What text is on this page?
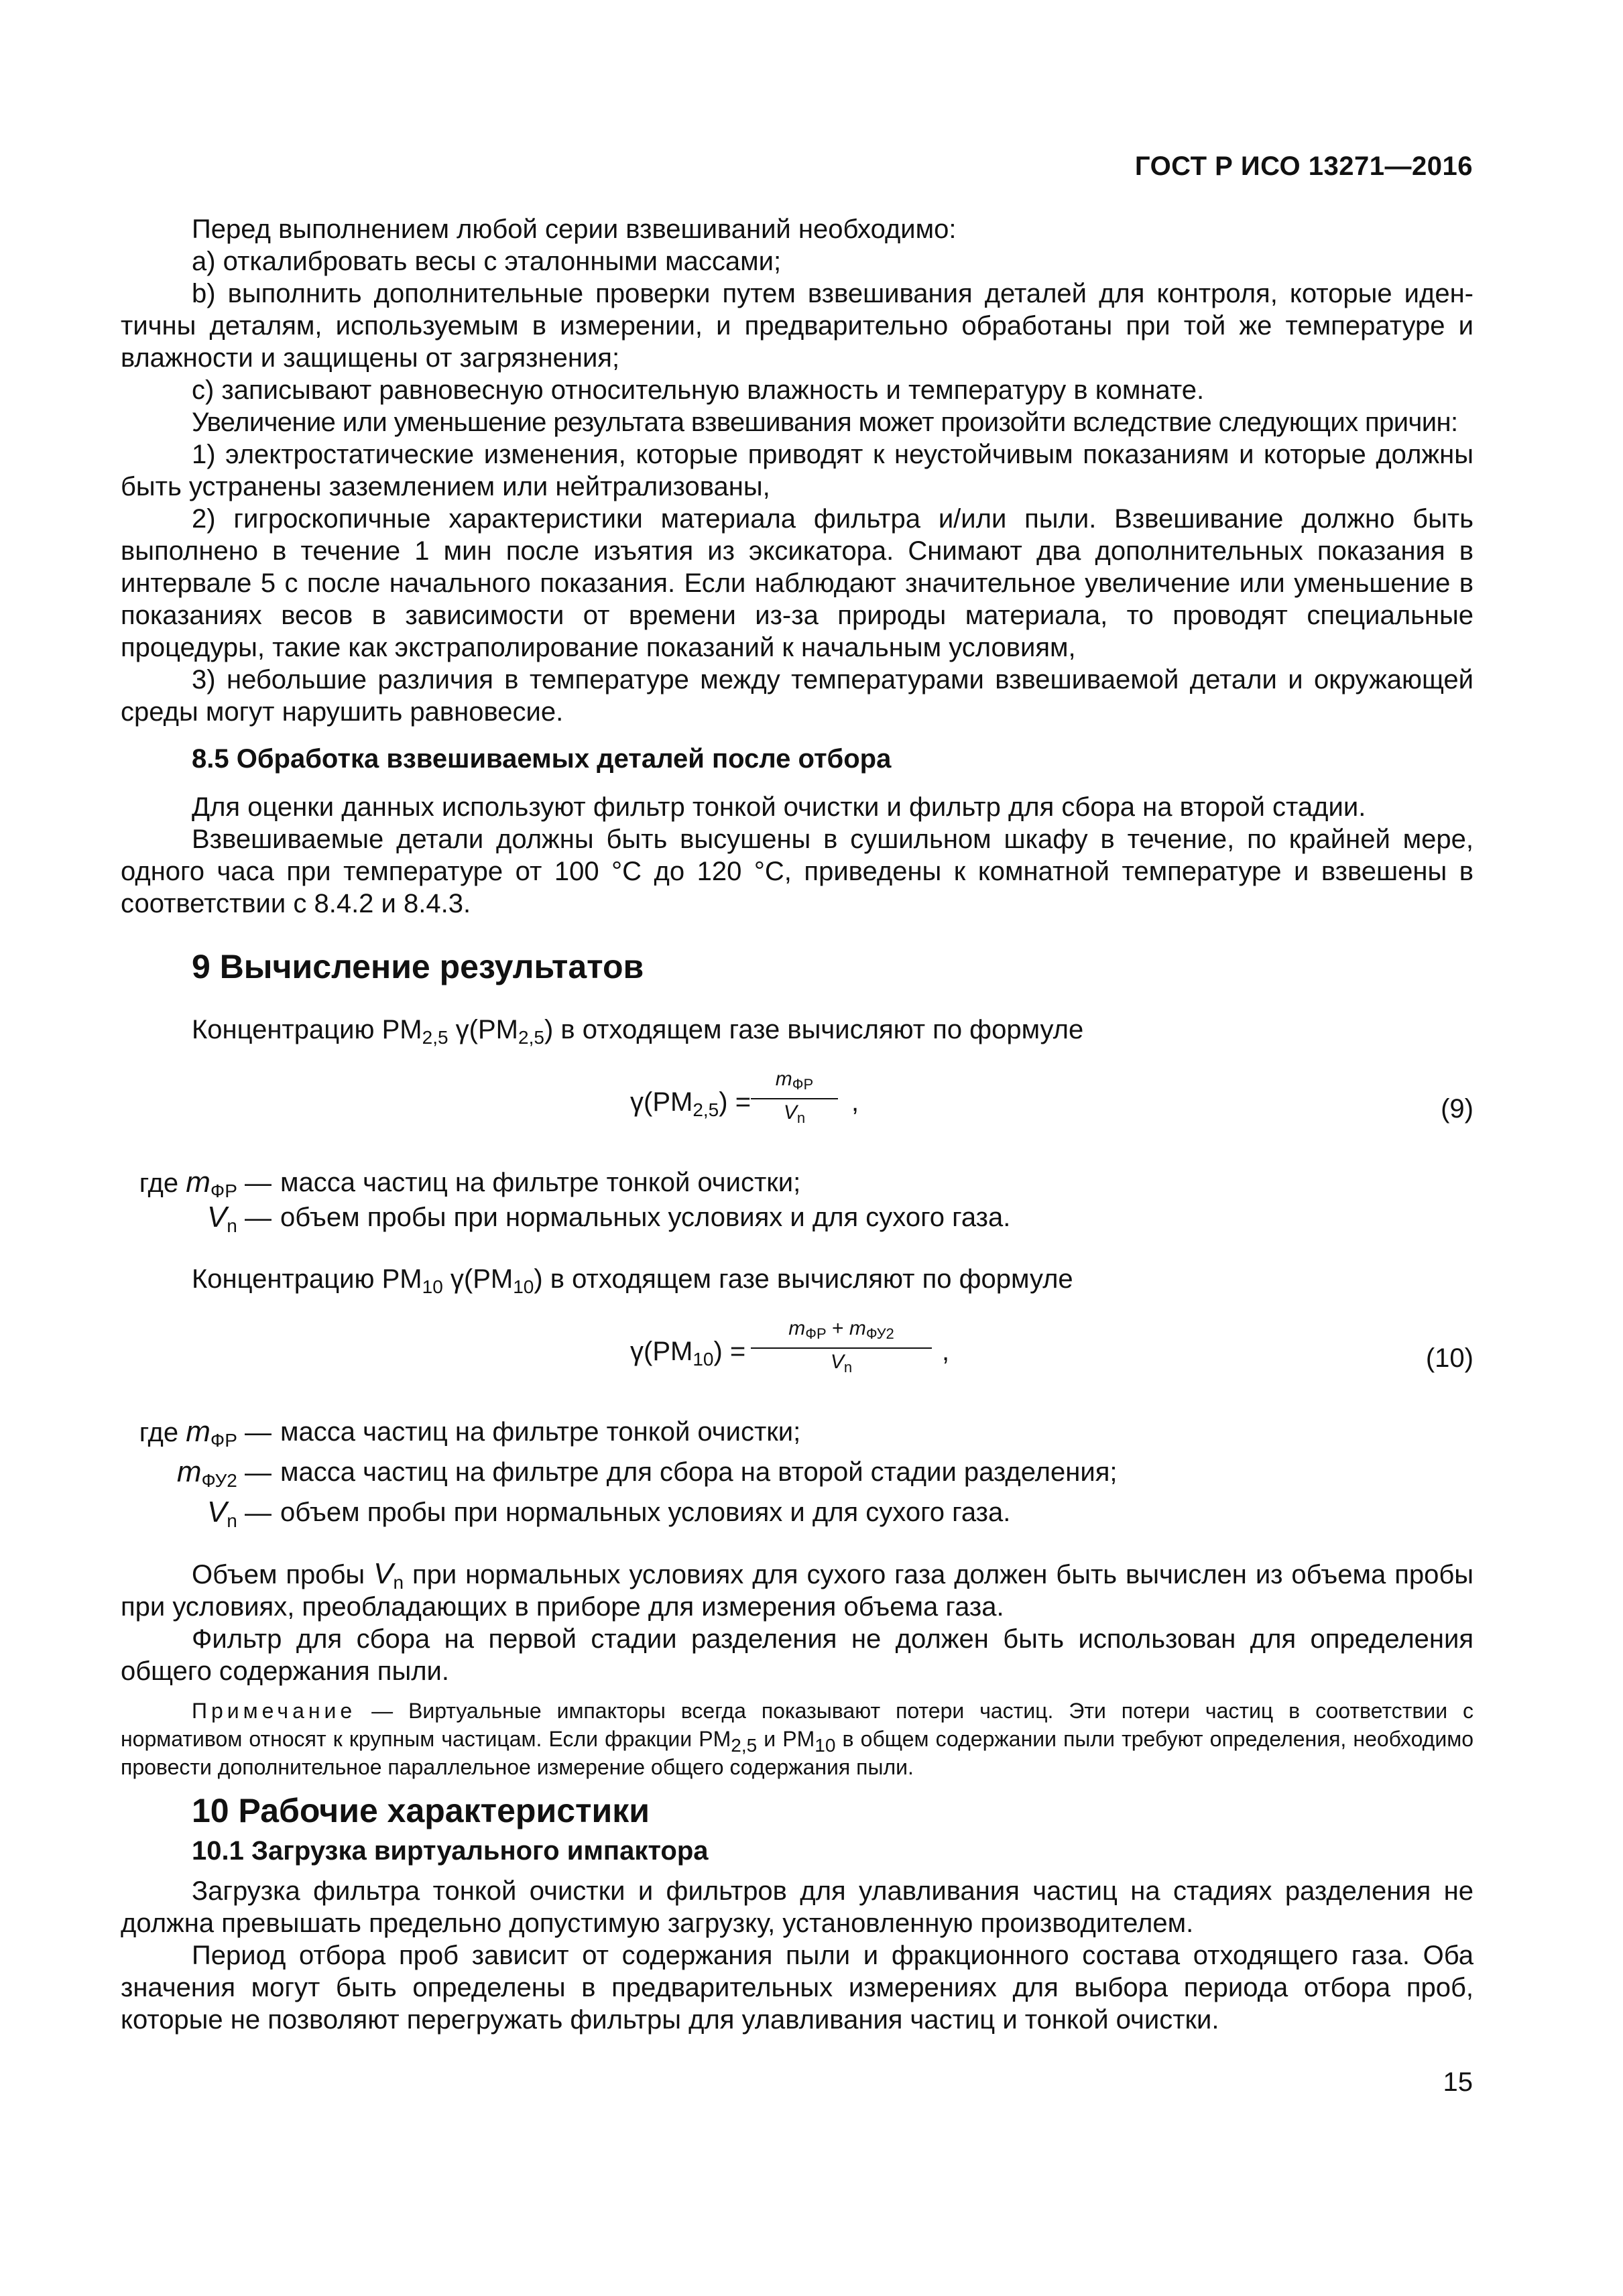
ГОСТ Р ИСО 13271—2016

Перед выполнением любой серии взвешиваний необходимо:

a) откалибровать весы с эталонными массами;

b) выполнить дополнительные проверки путем взвешивания деталей для контроля, которые идентичны деталям, используемым в измерении, и предварительно обработаны при той же температуре и влажности и защищены от загрязнения;

c) записывают равновесную относительную влажность и температуру в комнате.

Увеличение или уменьшение результата взвешивания может произойти вследствие следующих причин:

1) электростатические изменения, которые приводят к неустойчивым показаниям и которые должны быть устранены заземлением или нейтрализованы,

2) гигроскопичные характеристики материала фильтра и/или пыли. Взвешивание должно быть выполнено в течение 1 мин после изъятия из эксикатора. Снимают два дополнительных показания в интервале 5 с после начального показания. Если наблюдают значительное увеличение или уменьшение в показаниях весов в зависимости от времени из-за природы материала, то проводят специальные процедуры, такие как экстраполирование показаний к начальным условиям,

3) небольшие различия в температуре между температурами взвешиваемой детали и окружающей среды могут нарушить равновесие.

8.5 Обработка взвешиваемых деталей после отбора

Для оценки данных используют фильтр тонкой очистки и фильтр для сбора на второй стадии.

Взвешиваемые детали должны быть высушены в сушильном шкафу в течение, по крайней мере, одного часа при температуре от 100 °С до 120 °С, приведены к комнатной температуре и взвешены в соответствии с 8.4.2 и 8.4.3.

9 Вычисление результатов

Концентрацию $PM_{2,5}$ $\gamma(PM_{2,5})$ в отходящем газе вычисляют по формуле

$\gamma(PM_{2,5})$ =
$m_{ФР}$
$V_n$
,	(9)
где $m_{ФР}$ — масса частиц на фильтре тонкой очистки;
$V_n$ — объем пробы при нормальных условиях и для сухого газа.

Концентрацию $PM_{10}$ $\gamma(PM_{10})$ в отходящем газе вычисляют по формуле

$\gamma(PM_{10})$ =
$m_{ФР} + m_{ФУ2}$
$V_n$
,	(10)
где $m_{ФР}$ — масса частиц на фильтре тонкой очистки;
$m_{ФУ2}$ — масса частиц на фильтре для сбора на второй стадии разделения;
$V_n$ — объем пробы при нормальных условиях и для сухого газа.

Объем пробы $V_n$ при нормальных условиях для сухого газа должен быть вычислен из объема пробы при условиях, преобладающих в приборе для измерения объема газа.

Фильтр для сбора на первой стадии разделения не должен быть использован для определения общего содержания пыли.

Примечание — Виртуальные импакторы всегда показывают потери частиц. Эти потери частиц в соответствии с нормативом относят к крупным частицам. Если фракции $PM_{2,5}$ и $PM_{10}$ в общем содержании пыли требуют определения, необходимо провести дополнительное параллельное измерение общего содержания пыли.

10 Рабочие характеристики

10.1 Загрузка виртуального импактора

Загрузка фильтра тонкой очистки и фильтров для улавливания частиц на стадиях разделения не должна превышать предельно допустимую загрузку, установленную производителем.

Период отбора проб зависит от содержания пыли и фракционного состава отходящего газа. Оба значения могут быть определены в предварительных измерениях для выбора периода отбора проб, которые не позволяют перегружать фильтры для улавливания частиц и тонкой очистки.

15
